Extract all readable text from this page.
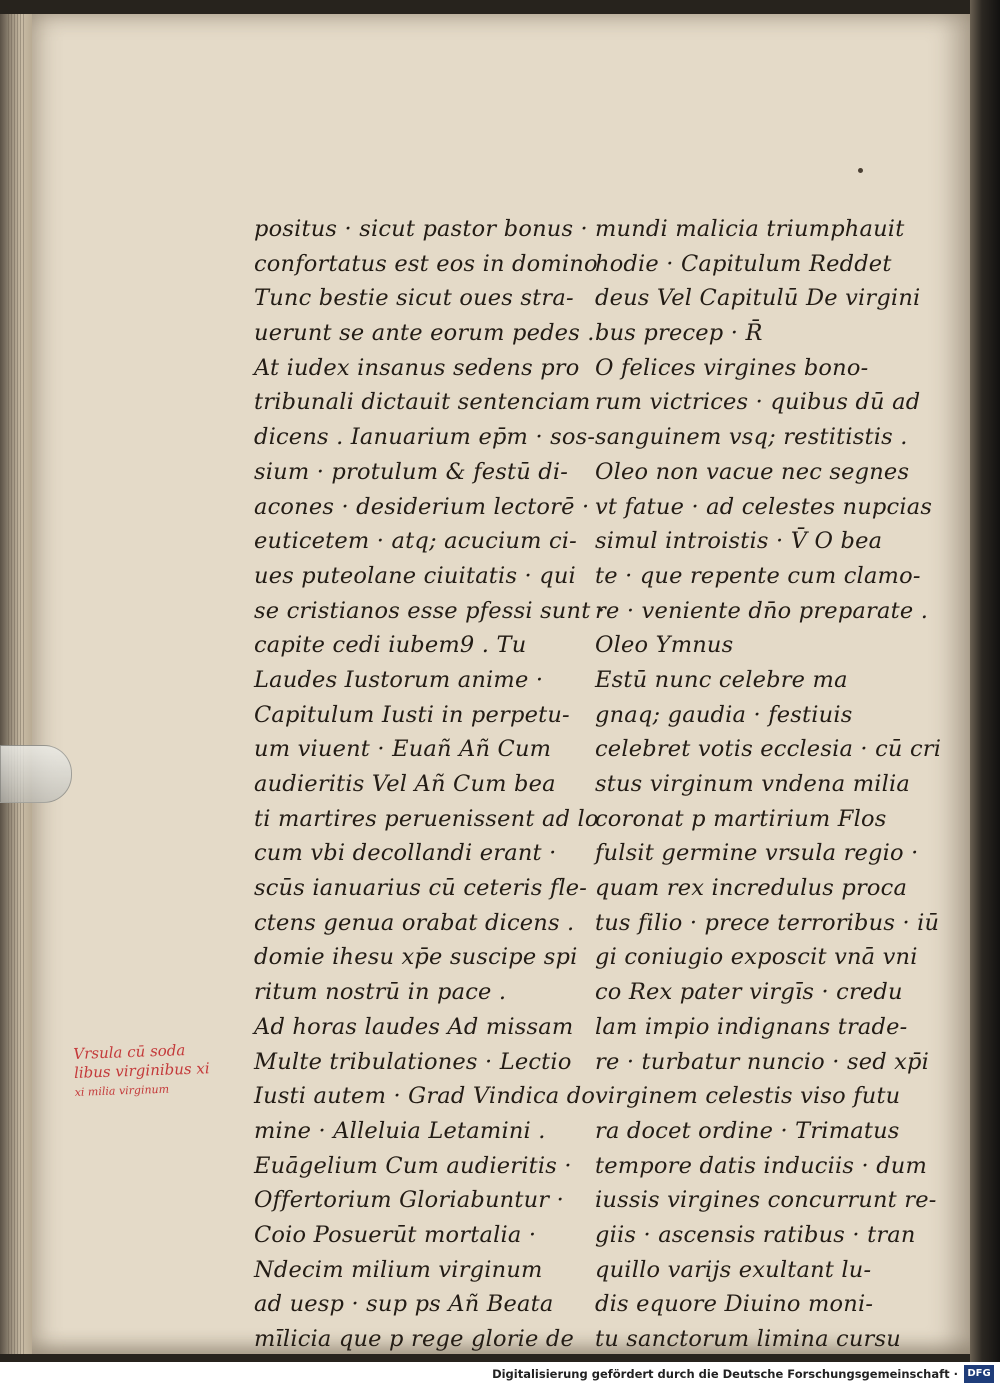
positus · sicut pastor bonus ·
confortatus est eos in domino
Tunc bestie sicut oues stra-
uerunt se ante eorum pedes .
At iudex insanus sedens pro
tribunali dictauit sentenciam
dicens . Ianuarium ep̄m · sos-
sium · protulum & festū di-
acones · desiderium lectorē ·
euticetem · atq; acucium ci-
ues puteolane ciuitatis · qui
se cristianos esse pfessi sunt ·
capite cedi iubem9 . Tu
Laudes Iustorum anime ·
Capitulum Iusti in perpetu-
um viuent · Euañ Añ Cum
audieritis Vel Añ Cum bea
ti martires peruenissent ad lo
cum vbi decollandi erant ·
scūs ianuarius cū ceteris fle-
ctens genua orabat dicens .
domie ihesu xp̄e suscipe spi
ritum nostrū in pace .
Ad horas laudes Ad missam
Multe tribulationes · Lectio
Iusti autem · Grad Vindica do
mine · Alleluia Letamini .
Euāgelium Cum audieritis ·
Offertorium Gloriabuntur ·
Coio Posuerūt mortalia ·
Ndecim milium virginum
ad uesp · sup ps Añ Beata
mīlicia que p rege glorie de
mundi malicia triumphauit
hodie · Capitulum Reddet
deus Vel Capitulū De virgini
bus precep · R̄
O felices virgines bono-
rum victrices · quibus dū ad
sanguinem vsq; restitistis .
Oleo non vacue nec segnes
vt fatue · ad celestes nupcias
simul introistis · V̄ O bea
te · que repente cum clamo-
re · veniente dn̄o preparate .
Oleo Ymnus
Estū nunc celebre ma
gnaq; gaudia · festiuis
celebret votis ecclesia · cū cri
stus virginum vndena milia
coronat p martirium Flos
fulsit germine vrsula regio ·
quam rex incredulus proca
tus filio · prece terroribus · iū
gi coniugio exposcit vnā vni
co Rex pater virgīs · credu
lam impio indignans trade-
re · turbatur nuncio · sed xp̄i
virginem celestis viso futu
ra docet ordine · Trimatus
tempore datis induciis · dum
iussis virgines concurrunt re-
giis · ascensis ratibus · tran
quillo varijs exultant lu-
dis equore Diuino moni-
tu sanctorum limina cursu
Vrsula cū soda
libus virginibus xi
xi milia virginum
Digitalisierung gefördert durch die Deutsche Forschungsgemeinschaft · DFG
